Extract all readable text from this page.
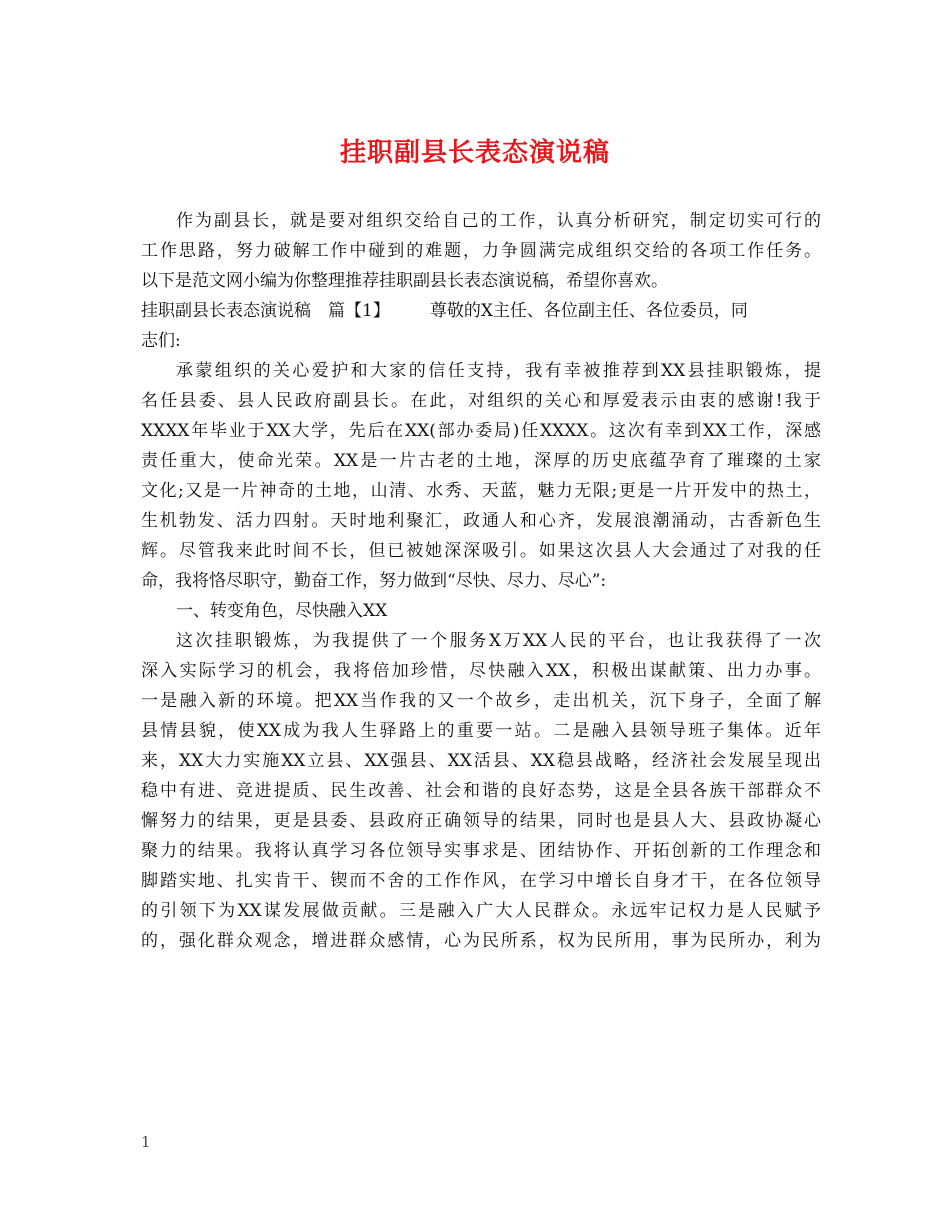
挂职副县长表态演说稿

作为副县长，就是要对组织交给自己的工作，认真分析研究，制定切实可行的

工作思路，努力破解工作中碰到的难题，力争圆满完成组织交给的各项工作任务。

以下是范文网小编为你整理推荐挂职副县长表态演说稿，希望你喜欢。

挂职副县长表态演说稿　篇【1】 尊敬的X主任、各位副主任、各位委员，同

志们:

承蒙组织的关心爱护和大家的信任支持，我有幸被推荐到XX县挂职锻炼，提

名任县委、县人民政府副县长。在此，对组织的关心和厚爱表示由衷的感谢!我于

XXXX年毕业于XX大学，先后在XX(部办委局)任XXXX。这次有幸到XX工作，深感

责任重大，使命光荣。XX是一片古老的土地，深厚的历史底蕴孕育了璀璨的土家

文化;又是一片神奇的土地，山清、水秀、天蓝，魅力无限;更是一片开发中的热土，

生机勃发、活力四射。天时地利聚汇，政通人和心齐，发展浪潮涌动，古香新色生

辉。尽管我来此时间不长，但已被她深深吸引。如果这次县人大会通过了对我的任

命，我将恪尽职守，勤奋工作，努力做到“尽快、尽力、尽心”:

一、转变角色，尽快融入XX

这次挂职锻炼，为我提供了一个服务X万XX人民的平台，也让我获得了一次

深入实际学习的机会，我将倍加珍惜，尽快融入XX，积极出谋献策、出力办事。

一是融入新的环境。把XX当作我的又一个故乡，走出机关，沉下身子，全面了解

县情县貌，使XX成为我人生驿路上的重要一站。二是融入县领导班子集体。近年

来，XX大力实施XX立县、XX强县、XX活县、XX稳县战略，经济社会发展呈现出

稳中有进、竞进提质、民生改善、社会和谐的良好态势，这是全县各族干部群众不

懈努力的结果，更是县委、县政府正确领导的结果，同时也是县人大、县政协凝心

聚力的结果。我将认真学习各位领导实事求是、团结协作、开拓创新的工作理念和

脚踏实地、扎实肯干、锲而不舍的工作作风，在学习中增长自身才干，在各位领导

的引领下为XX谋发展做贡献。三是融入广大人民群众。永远牢记权力是人民赋予

的，强化群众观念，增进群众感情，心为民所系，权为民所用，事为民所办，利为

1
